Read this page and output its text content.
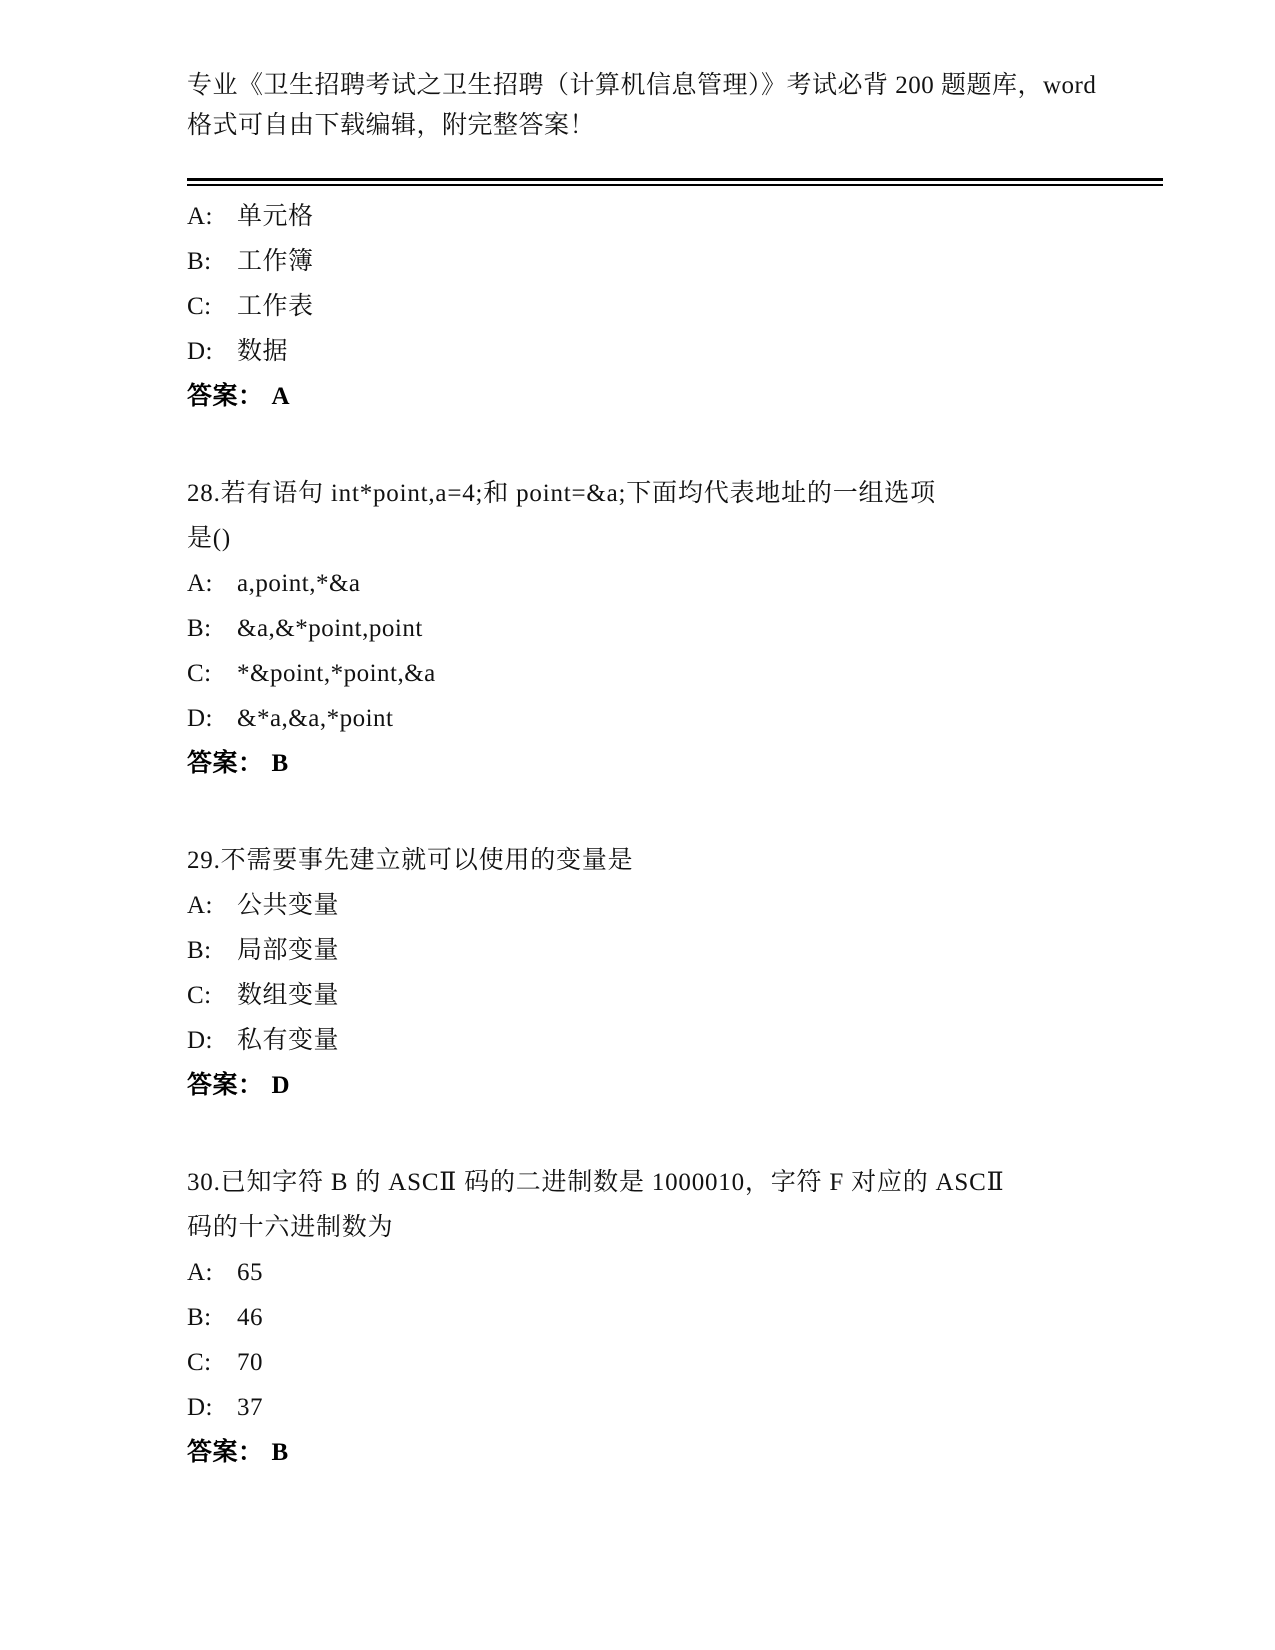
专业《卫生招聘考试之卫生招聘（计算机信息管理）》考试必背 200 题题库，word
格式可自由下载编辑，附完整答案！
A: 单元格
B: 工作簿
C: 工作表
D: 数据
答案： A
28.若有语句 int*point,a=4;和 point=&a;下面均代表地址的一组选项
是()
A: a,point,*&a
B: &a,&*point,point
C: *&point,*point,&a
D: &*a,&a,*point
答案： B
29.不需要事先建立就可以使用的变量是
A: 公共变量
B: 局部变量
C: 数组变量
D: 私有变量
答案： D
30.已知字符 B 的 ASCⅡ 码的二进制数是 1000010，字符 F 对应的 ASCⅡ
码的十六进制数为
A: 65
B: 46
C: 70
D: 37
答案： B
